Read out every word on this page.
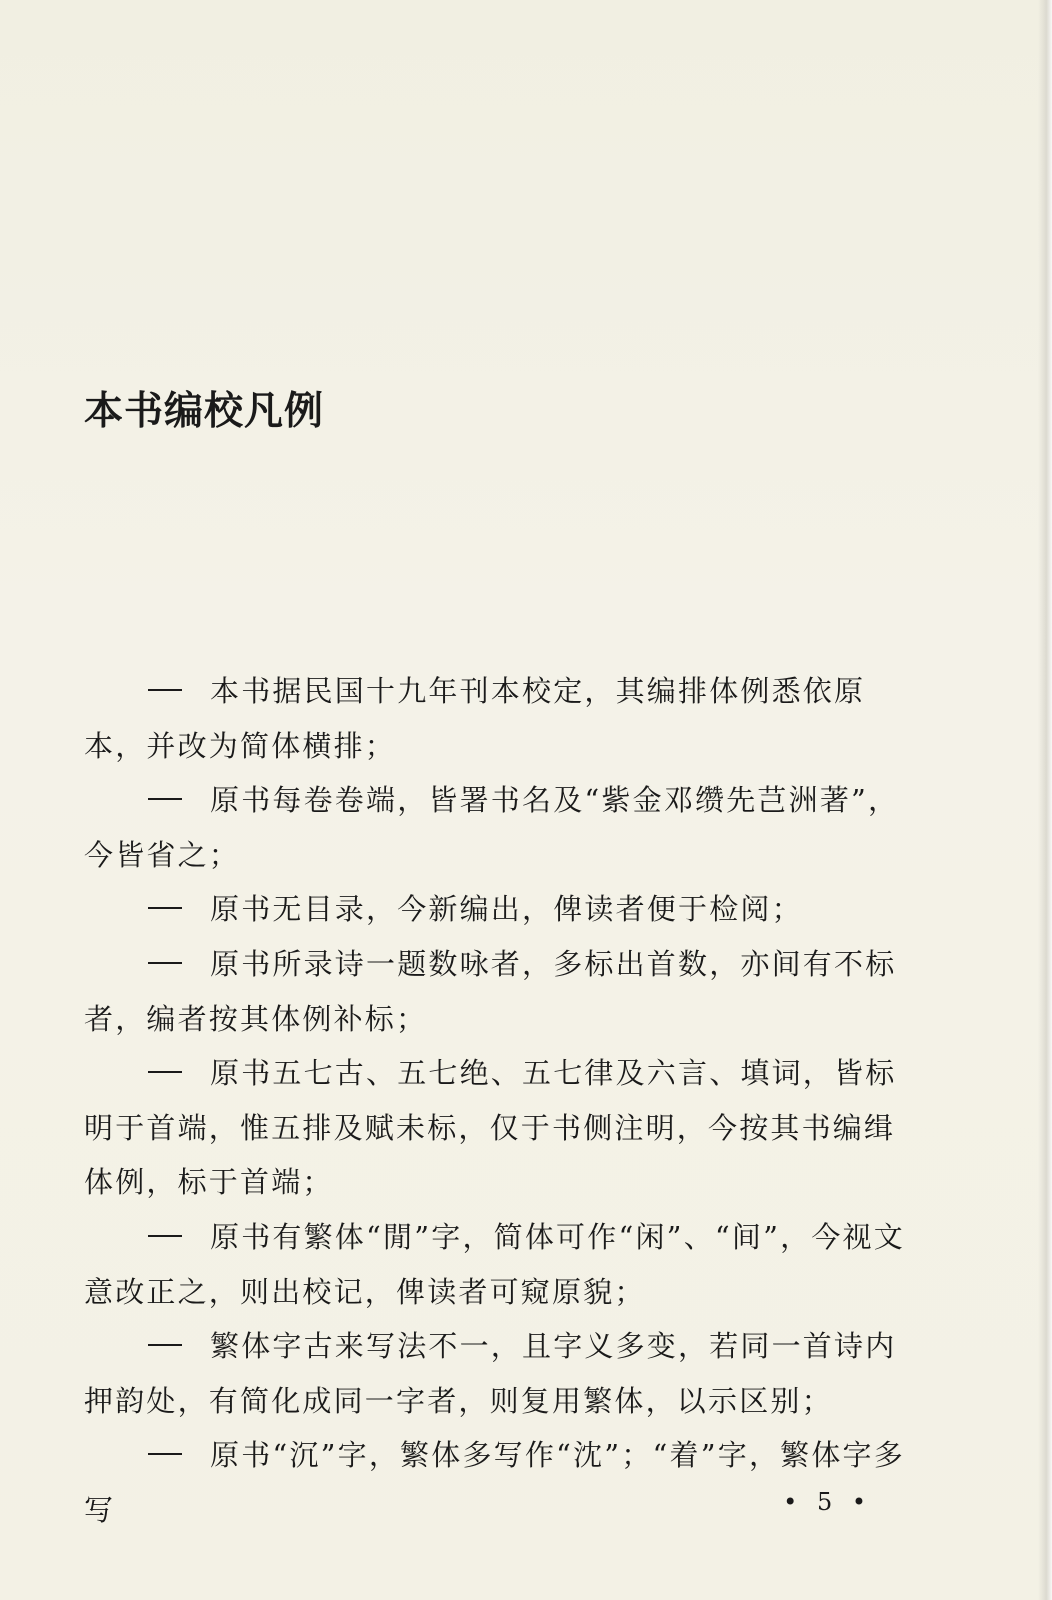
本书编校凡例

本书据民国十九年刊本校定，其编排体例悉依原本，并改为简体横排；

原书每卷卷端，皆署书名及“紫金邓缵先芑洲著”，今皆省之；

原书无目录，今新编出，俾读者便于检阅；

原书所录诗一题数咏者，多标出首数，亦间有不标者，编者按其体例补标；

原书五七古、五七绝、五七律及六言、填词，皆标明于首端，惟五排及赋未标，仅于书侧注明，今按其书编缉体例，标于首端；

原书有繁体“閒”字，简体可作“闲”、“间”，今视文意改正之，则出校记，俾读者可窥原貌；

繁体字古来写法不一，且字义多变，若同一首诗内押韵处，有简化成同一字者，则复用繁体，以示区别；

原书“沉”字，繁体多写作“沈”；“着”字，繁体字多写	• 5 •
